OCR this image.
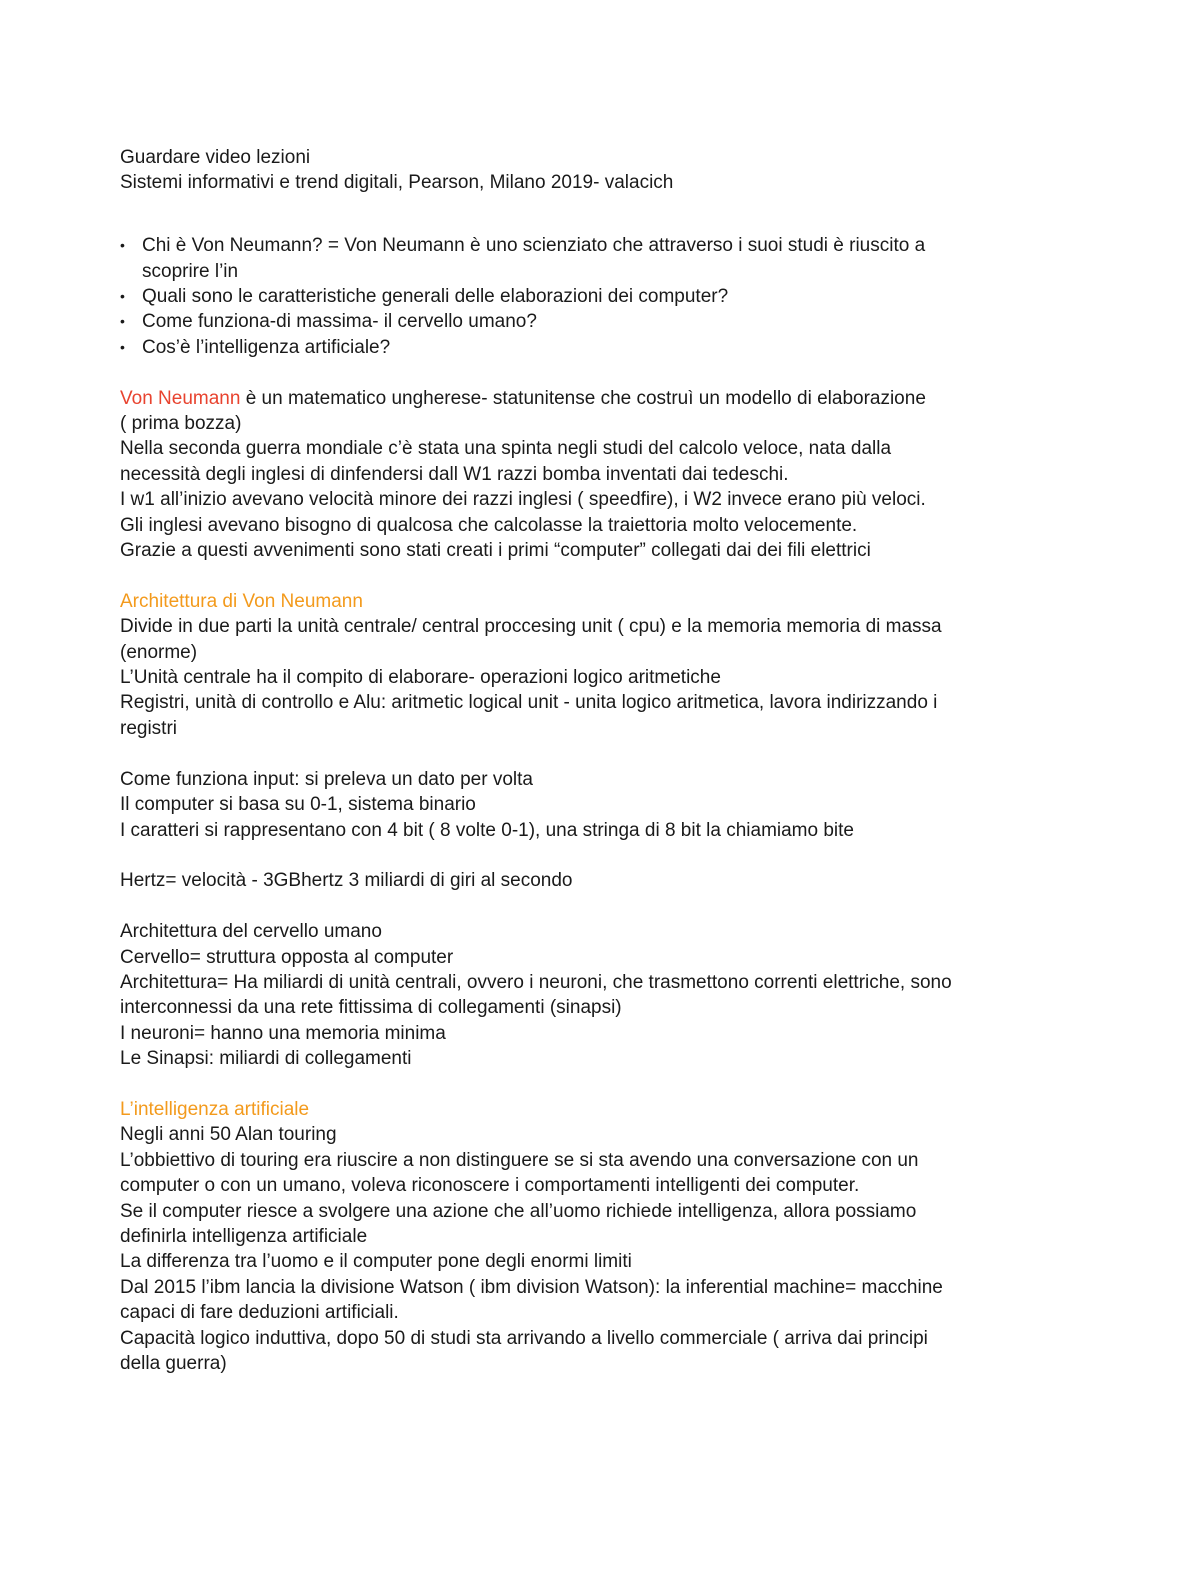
Guardare video lezioni
Sistemi informativi e trend digitali, Pearson, Milano 2019- valacich
• Chi è Von Neumann? = Von Neumann è uno scienziato che attraverso i suoi studi è riuscito a
scoprire l’in
• Quali sono le caratteristiche generali delle elaborazioni dei computer?
• Come funziona-di massima- il cervello umano?
• Cos’è l’intelligenza artificiale?
Von Neumann è un matematico ungherese- statunitense che costruì un modello di elaborazione
( prima bozza)
Nella seconda guerra mondiale c’è stata una spinta negli studi del calcolo veloce, nata dalla
necessità degli inglesi di dinfendersi dall W1 razzi bomba inventati dai tedeschi.
I w1 all’inizio avevano velocità minore dei razzi inglesi ( speedfire), i W2 invece erano più veloci.
Gli inglesi avevano bisogno di qualcosa che calcolasse la traiettoria molto velocemente.
Grazie a questi avvenimenti sono stati creati i primi “computer” collegati dai dei fili elettrici
Architettura di Von Neumann
Divide in due parti la unità centrale/ central proccesing unit ( cpu) e la memoria memoria di massa
(enorme)
L’Unità centrale ha il compito di elaborare- operazioni logico aritmetiche
Registri, unità di controllo e Alu: aritmetic logical unit - unita logico aritmetica, lavora indirizzando i
registri
Come funziona input: si preleva un dato per volta
Il computer si basa su 0-1, sistema binario
I caratteri si rappresentano con 4 bit ( 8 volte 0-1), una stringa di 8 bit la chiamiamo bite
Hertz= velocità - 3GBhertz 3 miliardi di giri al secondo
Architettura del cervello umano
Cervello= struttura opposta al computer
Architettura= Ha miliardi di unità centrali, ovvero i neuroni, che trasmettono correnti elettriche, sono
interconnessi da una rete fittissima di collegamenti (sinapsi)
I neuroni= hanno una memoria minima
Le Sinapsi: miliardi di collegamenti
L’intelligenza artificiale
Negli anni 50 Alan touring
L’obbiettivo di touring era riuscire a non distinguere se si sta avendo una conversazione con un
computer o con un umano, voleva riconoscere i comportamenti intelligenti dei computer.
Se il computer riesce a svolgere una azione che all’uomo richiede intelligenza, allora possiamo
definirla intelligenza artificiale
La differenza tra l’uomo e il computer pone degli enormi limiti
Dal 2015 l’ibm lancia la divisione Watson ( ibm division Watson): la inferential machine= macchine
capaci di fare deduzioni artificiali.
Capacità logico induttiva, dopo 50 di studi sta arrivando a livello commerciale ( arriva dai principi
della guerra)
